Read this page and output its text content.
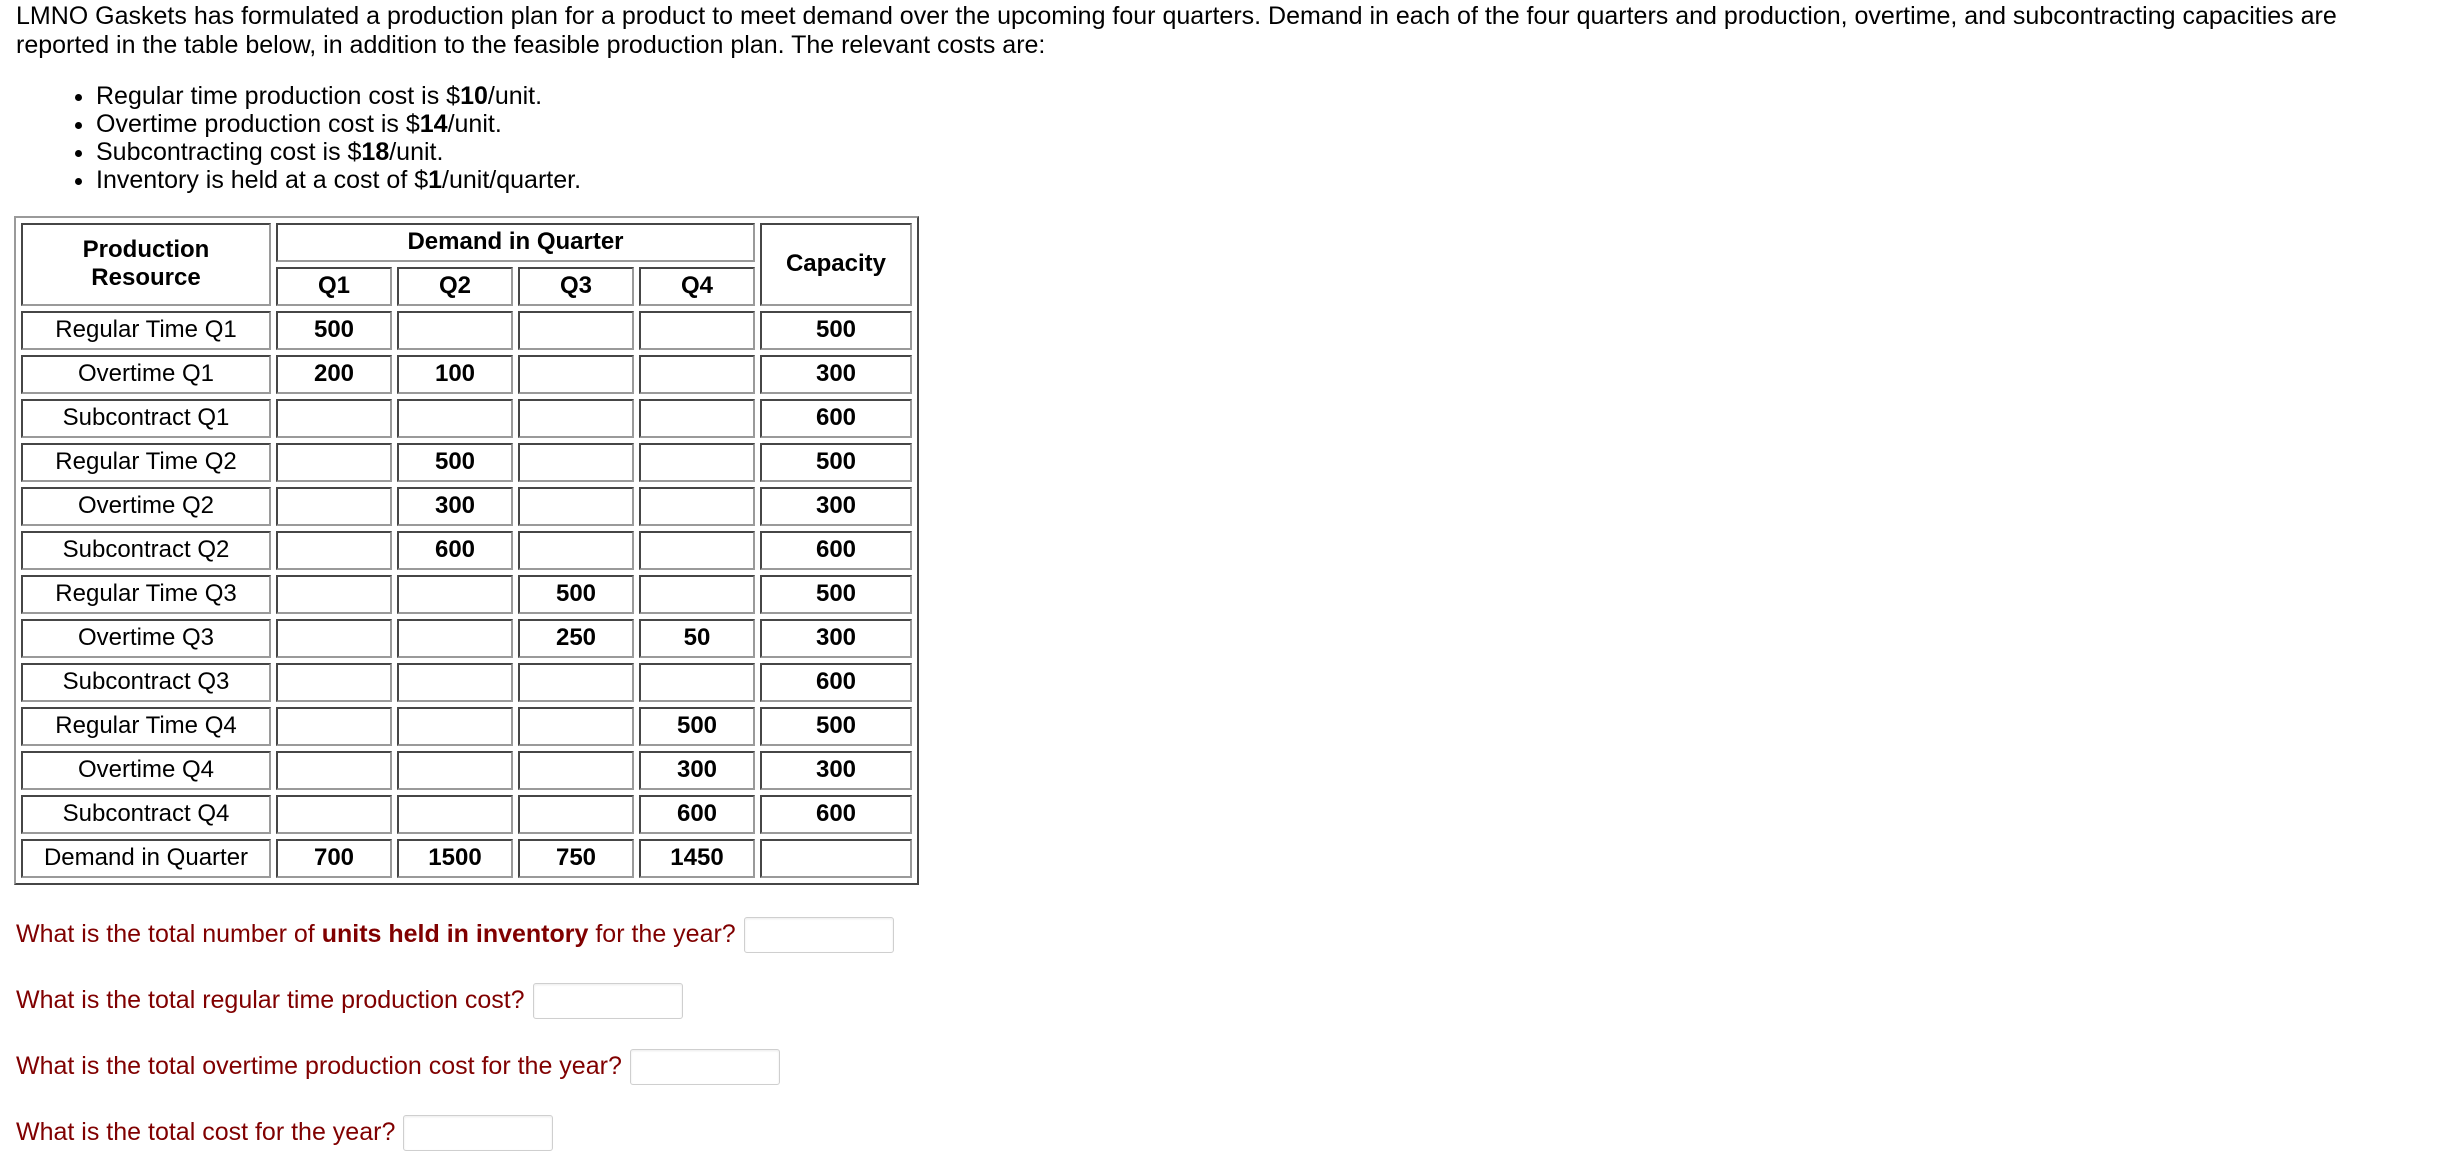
LMNO Gaskets has formulated a production plan for a product to meet demand over the upcoming four quarters. Demand in each of the four quarters and production, overtime, and subcontracting capacities are reported in the table below, in addition to the feasible production plan. The relevant costs are:

• Regular time production cost is $10/unit.
• Overtime production cost is $14/unit.
• Subcontracting cost is $18/unit.
• Inventory is held at a cost of $1/unit/quarter.
Production Resource	Demand in Quarter				Capacity
	Q1	Q2	Q3	Q4	
Regular Time Q1	500				500
Overtime Q1	200	100			300
Subcontract Q1					600
Regular Time Q2		500			500
Overtime Q2		300			300
Subcontract Q2		600			600
Regular Time Q3			500		500
Overtime Q3			250	50	300
Subcontract Q3					600
Regular Time Q4				500	500
Overtime Q4				300	300
Subcontract Q4				600	600
Demand in Quarter	700	1500	750	1450	
What is the total number of
units held in inventory
for the year?
What is the total regular time production cost?
What is the total overtime production cost for the year?
What is the total cost for the year?
